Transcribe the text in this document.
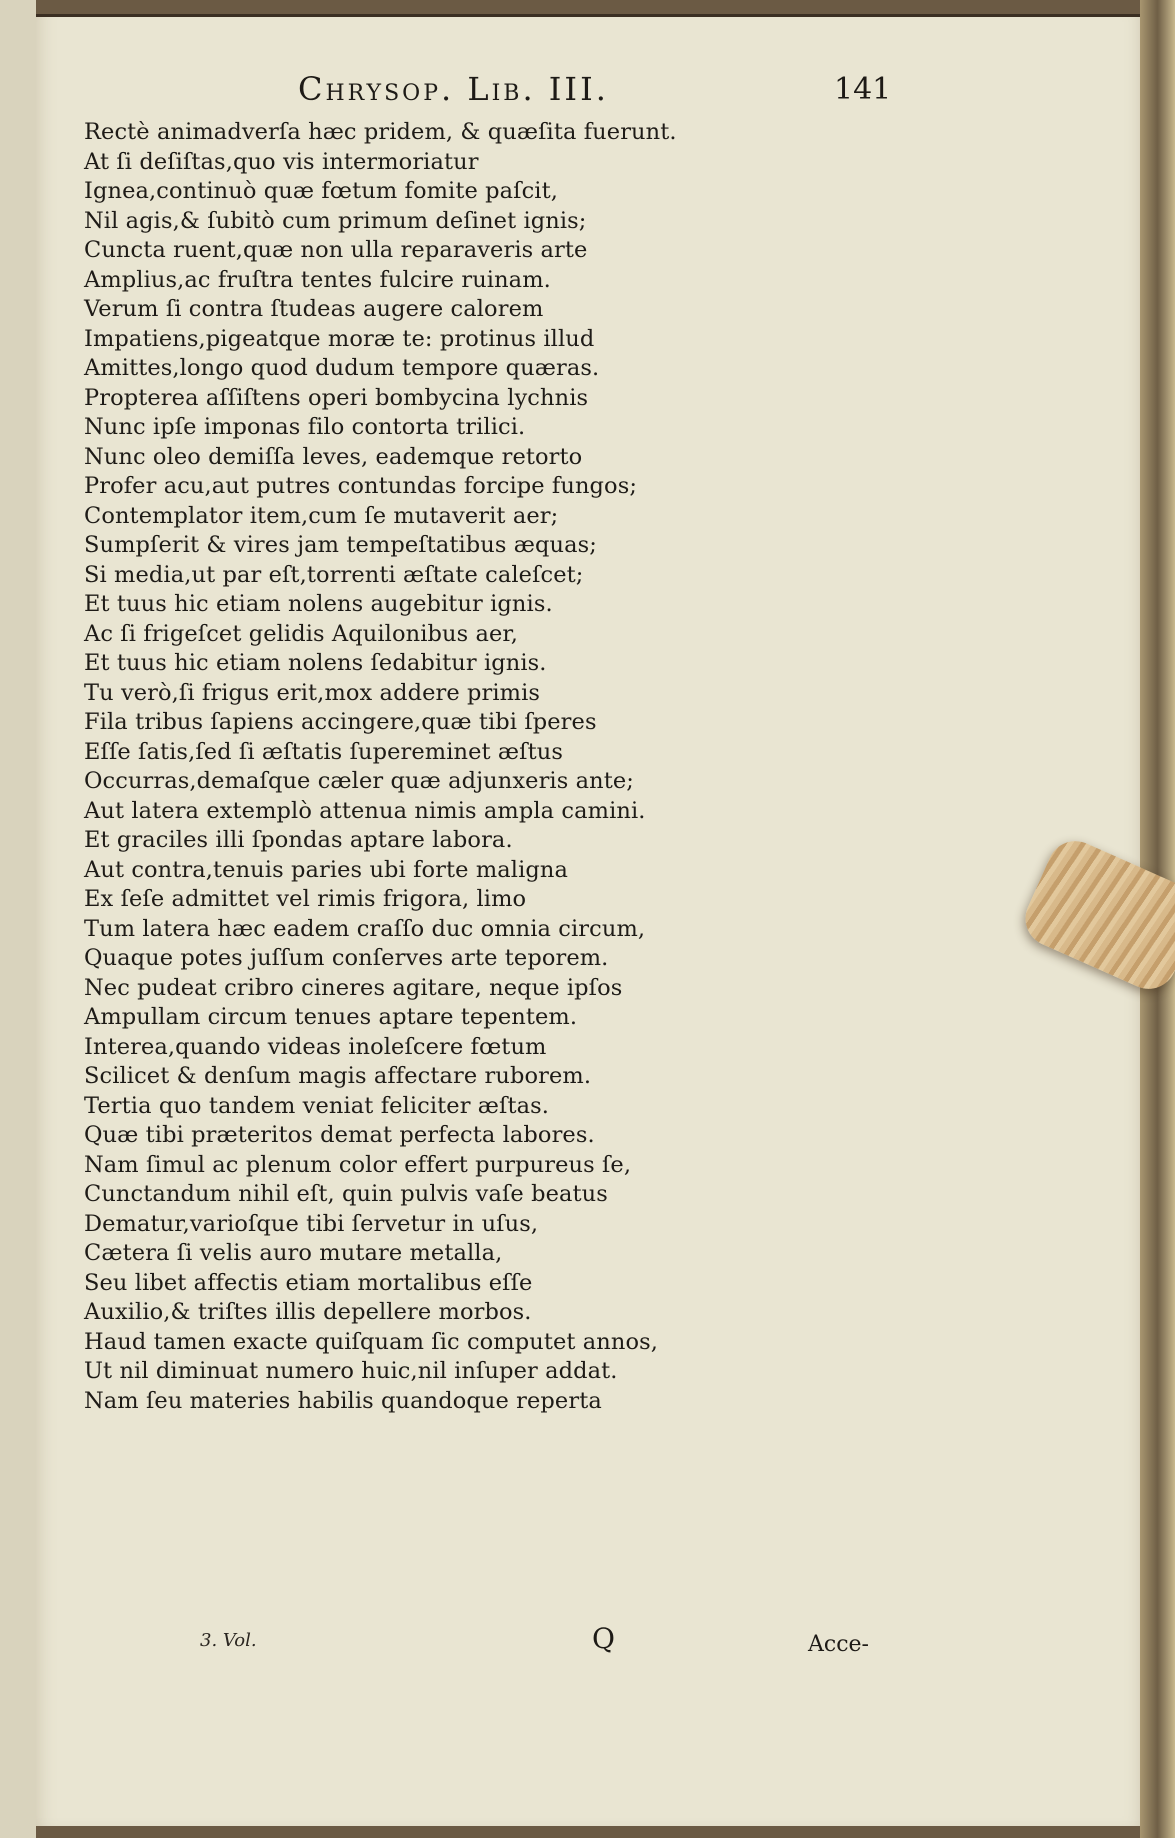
Chrysop. Lib. III.	141
Rectè animadverſa hæc pridem, & quæſita fuerunt.
At ſi deſiſtas,quo vis intermoriatur
Ignea,continuò quæ fœtum fomite paſcit,
Nil agis,& ſubitò cum primum deſinet ignis;
Cuncta ruent,quæ non ulla reparaveris arte
Amplius,ac fruſtra tentes fulcire ruinam.
Verum ſi contra ſtudeas augere calorem
Impatiens,pigeatque moræ te: protinus illud
Amittes,longo quod dudum tempore quæras.
Propterea aſſiſtens operi bombycina lychnis
Nunc ipſe imponas filo contorta trilici.
Nunc oleo demiſſa leves, eademque retorto
Profer acu,aut putres contundas forcipe fungos;
Contemplator item,cum ſe mutaverit aer;
Sumpſerit & vires jam tempeſtatibus æquas;
Si media,ut par eſt,torrenti æſtate caleſcet;
Et tuus hic etiam nolens augebitur ignis.
Ac ſi frigeſcet gelidis Aquilonibus aer,
Et tuus hic etiam nolens ſedabitur ignis.
Tu verò,ſi frigus erit,mox addere primis
Fila tribus ſapiens accingere,quæ tibi ſperes
Eſſe ſatis,ſed ſi æſtatis ſupereminet æſtus
Occurras,demaſque cæler quæ adjunxeris ante;
Aut latera extemplò attenua nimis ampla camini.
Et graciles illi ſpondas aptare labora.
Aut contra,tenuis paries ubi forte maligna
Ex ſeſe admittet vel rimis frigora, limo
Tum latera hæc eadem craſſo duc omnia circum,
Quaque potes juſſum conſerves arte teporem.
Nec pudeat cribro cineres agitare, neque ipſos
Ampullam circum tenues aptare tepentem.
Interea,quando videas inoleſcere fœtum
Scilicet & denſum magis affectare ruborem.
Tertia quo tandem veniat feliciter æſtas.
Quæ tibi præteritos demat perfecta labores.
Nam ſimul ac plenum color effert purpureus ſe,
Cunctandum nihil eſt, quin pulvis vaſe beatus
Dematur,varioſque tibi ſervetur in uſus,
Cætera ſi velis auro mutare metalla,
Seu libet affectis etiam mortalibus eſſe
Auxilio,& triſtes illis depellere morbos.
Haud tamen exacte quiſquam ſic computet annos,
Ut nil diminuat numero huic,nil inſuper addat.
Nam ſeu materies habilis quandoque reperta
3. Vol.	Q	Acce-
